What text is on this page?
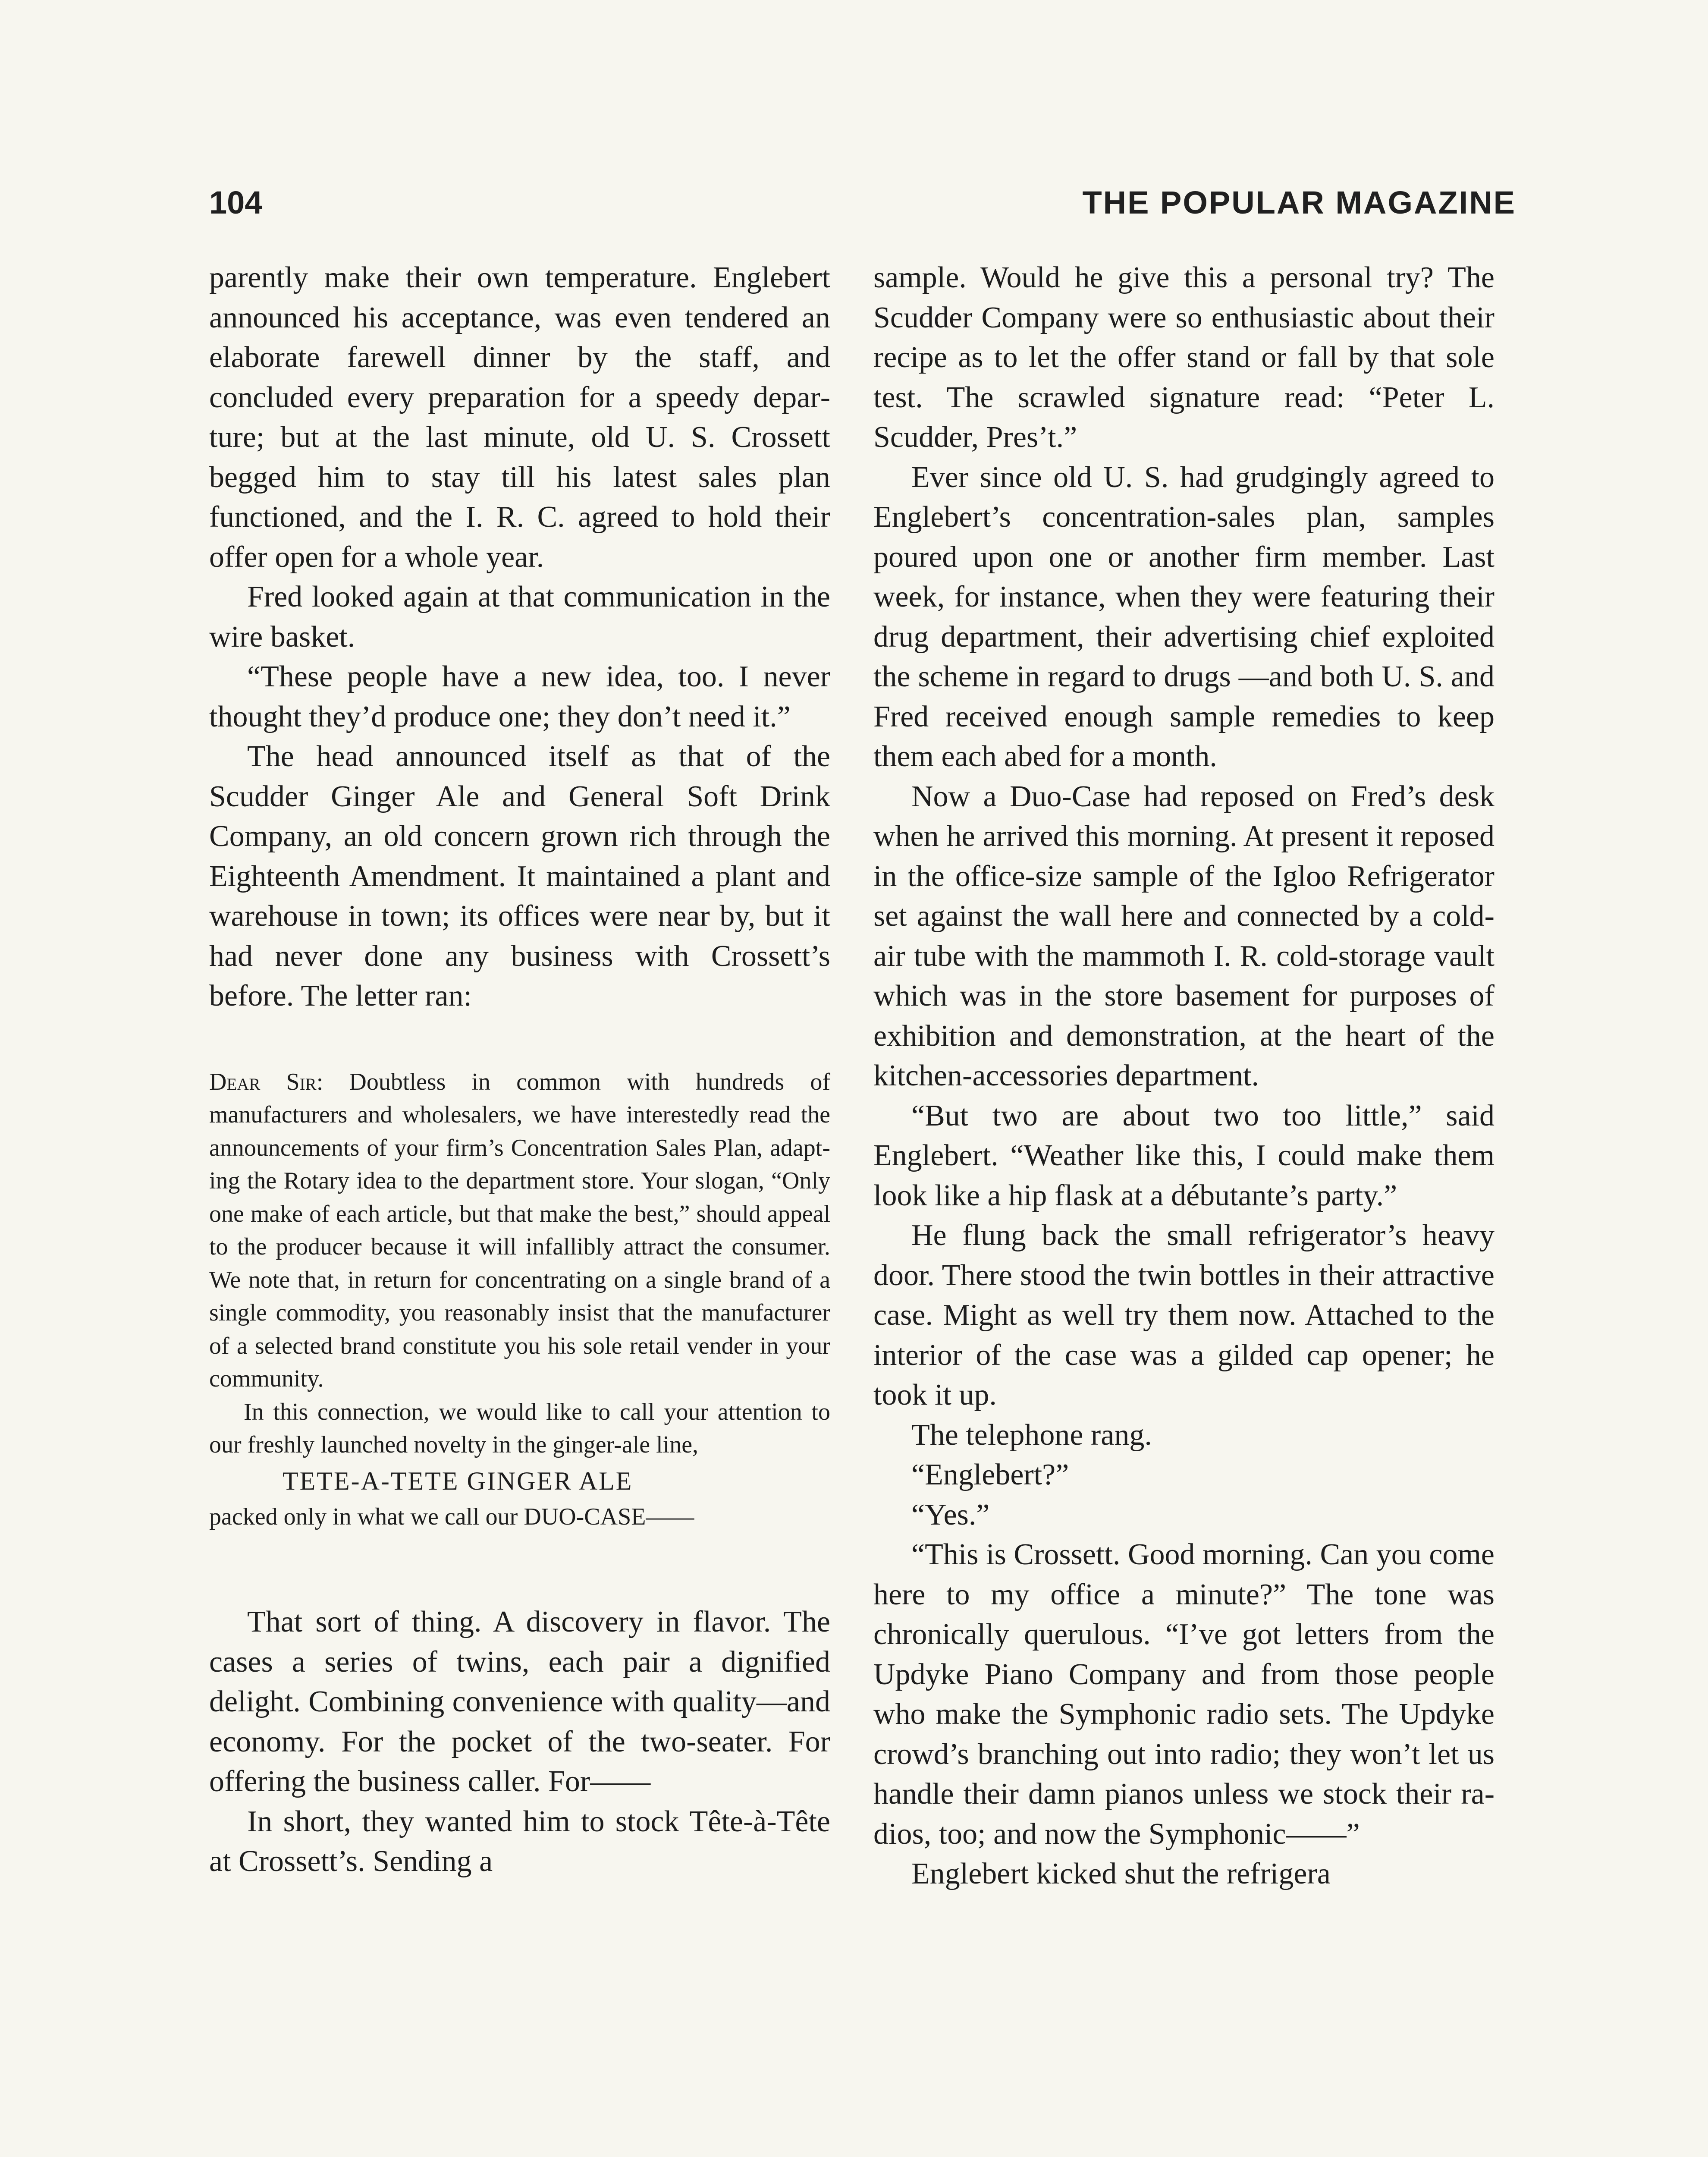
104	THE POPULAR MAGAZINE

parently make their own temperature. Englebert announced his acceptance, was even tendered an elaborate farewell dinner by the staff, and concluded every preparation for a speedy departure; but at the last minute, old U. S. Crossett begged him to stay till his latest sales plan functioned, and the I. R. C. agreed to hold their offer open for a whole year.

Fred looked again at that communication in the wire basket.

“These people have a new idea, too. I never thought they’d produce one; they don’t need it.”

The head announced itself as that of the Scudder Ginger Ale and General Soft Drink Company, an old concern grown rich through the Eighteenth Amendment. It maintained a plant and warehouse in town; its offices were near by, but it had never done any business with Crossett’s before. The letter ran:

Dear Sir: Doubtless in common with hundreds of manufacturers and wholesalers, we have interestedly read the announcements of your firm’s Concentration Sales Plan, adapting the Rotary idea to the department store. Your slogan, “Only one make of each article, but that make the best,” should appeal to the producer because it will infallibly attract the consumer. We note that, in return for concentrating on a single brand of a single commodity, you reasonably insist that the manufacturer of a selected brand constitute you his sole retail vender in your community.

In this connection, we would like to call your attention to our freshly launched novelty in the ginger-ale line,

TETE-A-TETE GINGER ALE

packed only in what we call our DUO-CASE——

That sort of thing. A discovery in flavor. The cases a series of twins, each pair a dignified delight. Combining convenience with quality—and economy. For the pocket of the two-seater. For offering the business caller. For——

In short, they wanted him to stock Tête-à-Tête at Crossett’s. Sending a

sample. Would he give this a personal try? The Scudder Company were so enthusiastic about their recipe as to let the offer stand or fall by that sole test. The scrawled signature read: “Peter L. Scudder, Pres’t.”

Ever since old U. S. had grudgingly agreed to Englebert’s concentration-sales plan, samples poured upon one or another firm member. Last week, for instance, when they were featuring their drug department, their advertising chief exploited the scheme in regard to drugs —and both U. S. and Fred received enough sample remedies to keep them each abed for a month.

Now a Duo-Case had reposed on Fred’s desk when he arrived this morning. At present it reposed in the office-size sample of the Igloo Refrigerator set against the wall here and connected by a cold-air tube with the mammoth I. R. cold-storage vault which was in the store basement for purposes of exhibition and demonstration, at the heart of the kitchen-accessories department.

“But two are about two too little,” said Englebert. “Weather like this, I could make them look like a hip flask at a débutante’s party.”

He flung back the small refrigerator’s heavy door. There stood the twin bottles in their attractive case. Might as well try them now. Attached to the interior of the case was a gilded cap opener; he took it up.

The telephone rang.

“Englebert?”

“Yes.”

“This is Crossett. Good morning. Can you come here to my office a minute?” The tone was chronically querulous. “I’ve got letters from the Updyke Piano Company and from those people who make the Symphonic radio sets. The Updyke crowd’s branching out into radio; they won’t let us handle their damn pianos unless we stock their radios, too; and now the Symphonic——”

Englebert kicked shut the refrigera
